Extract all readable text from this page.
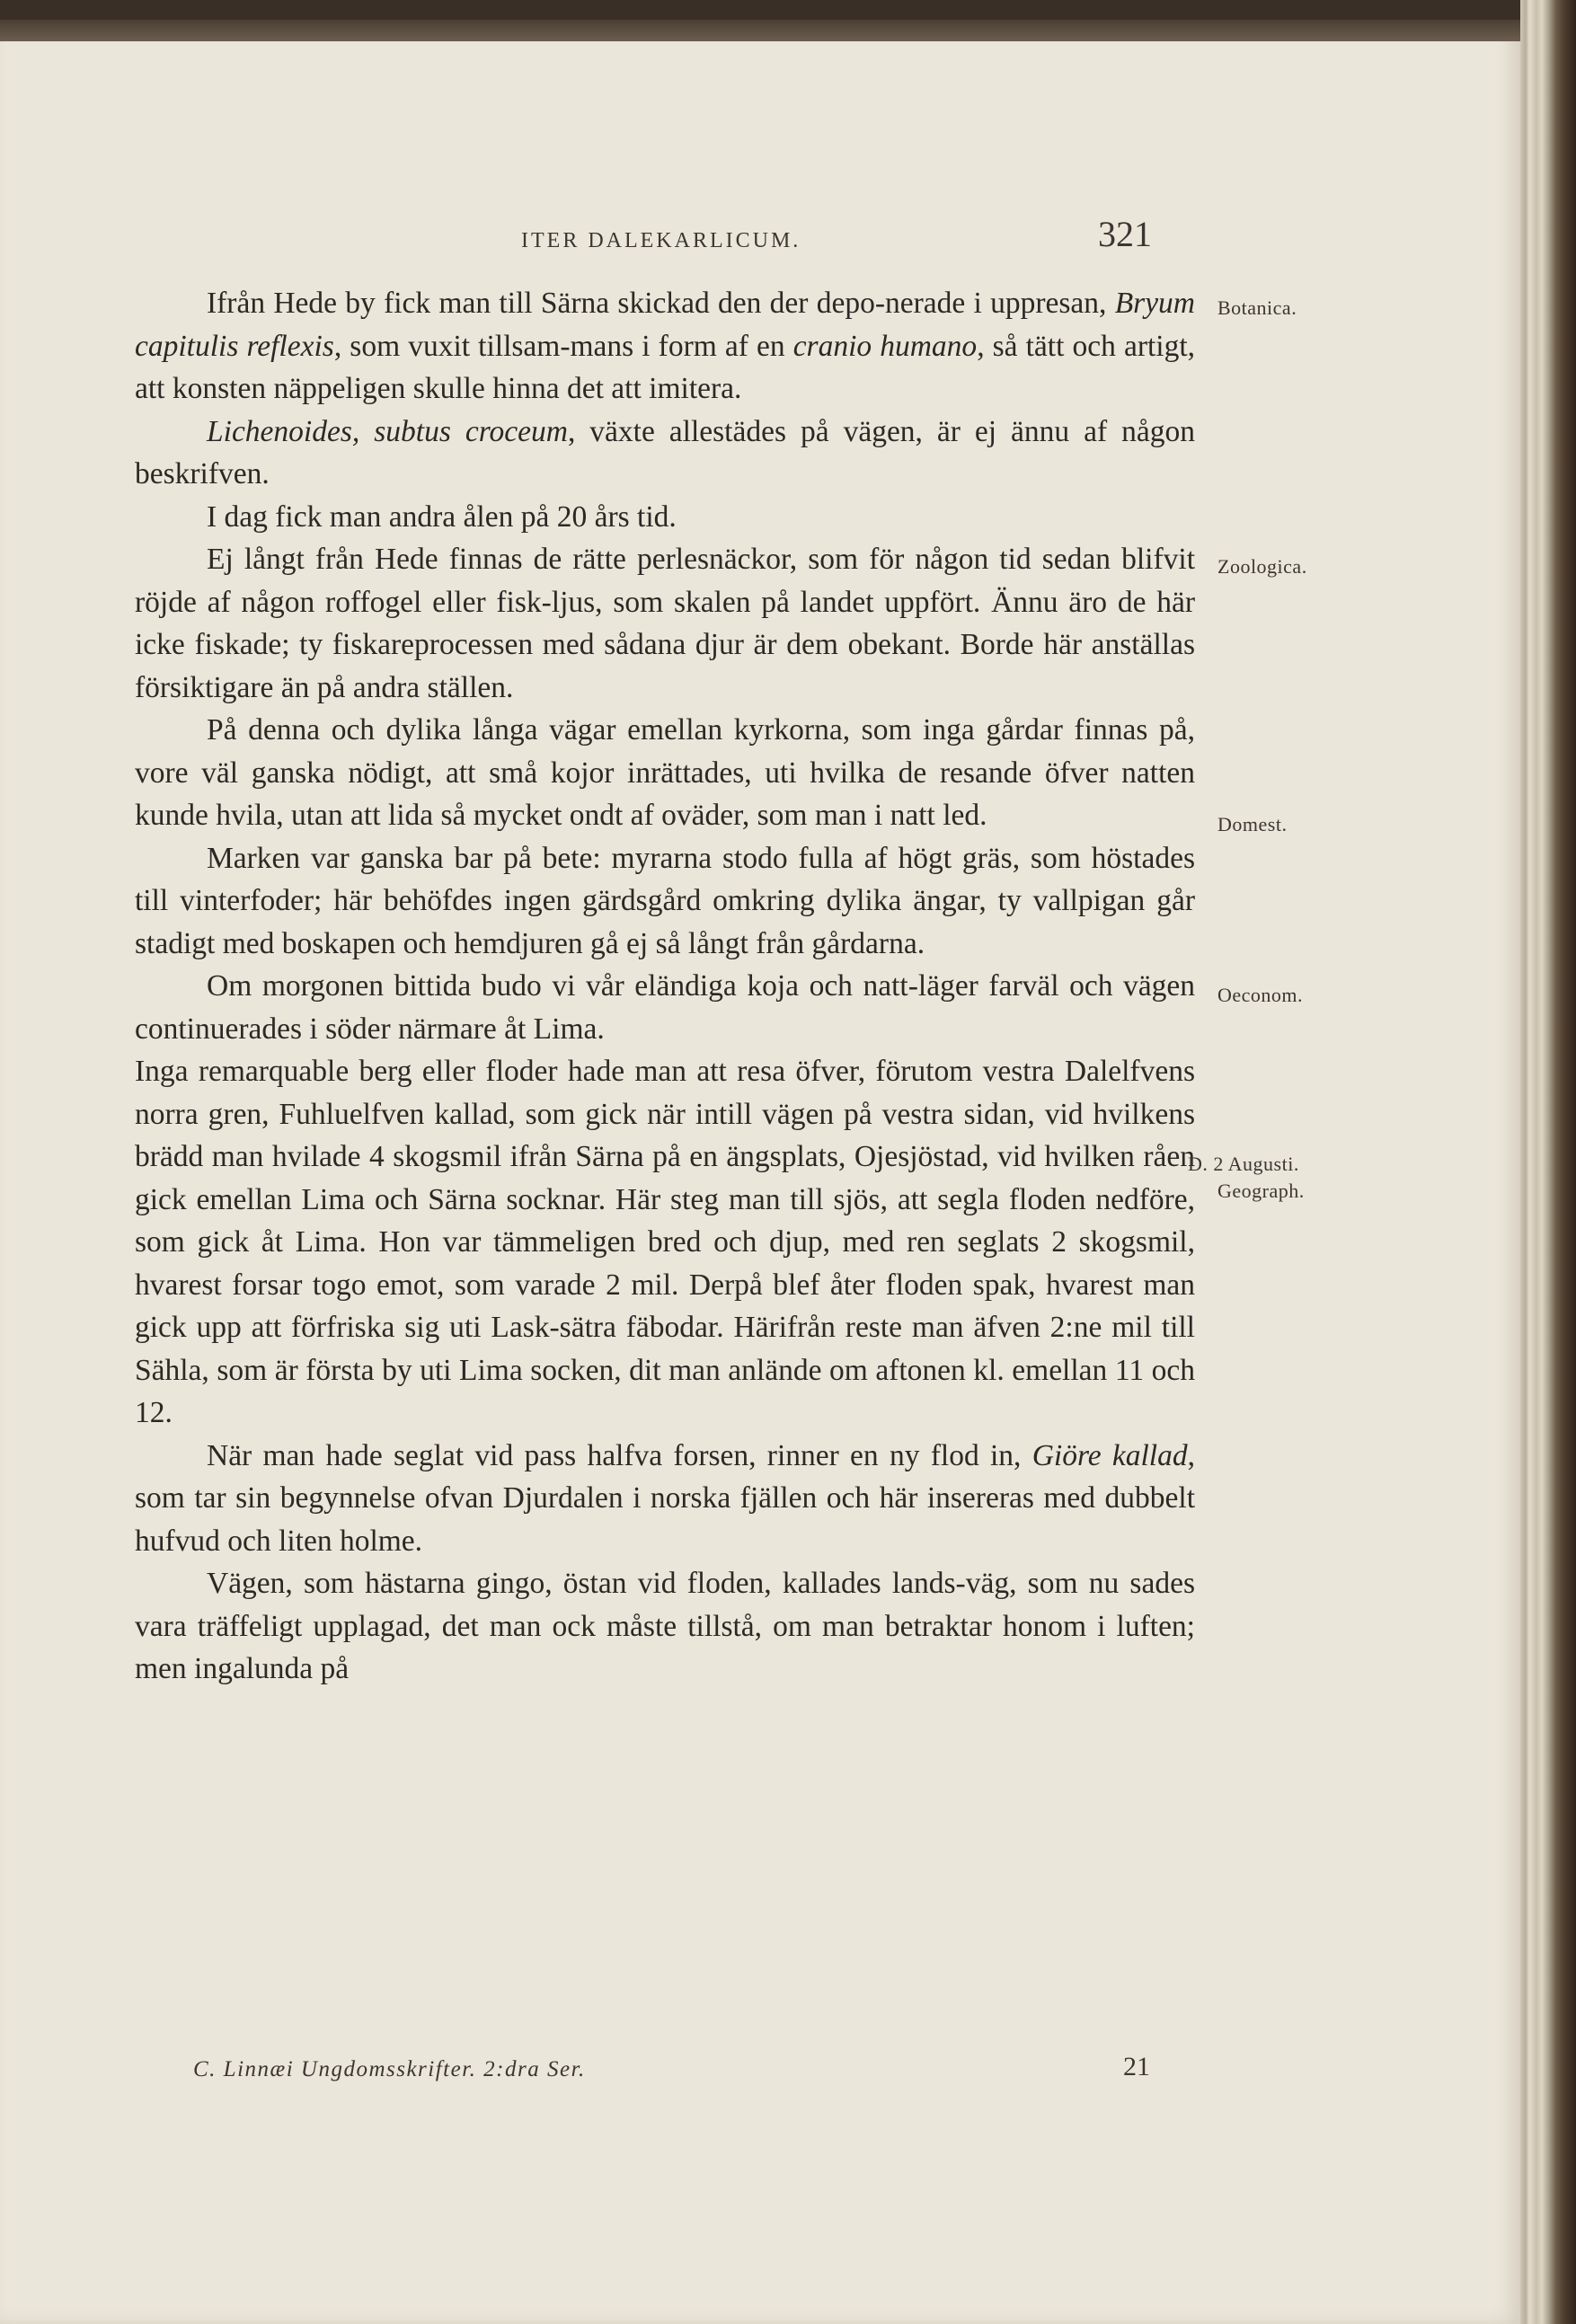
ITER DALEKARLICUM.	321

Ifrån Hede by fick man till Särna skickad den der depo-nerade i uppresan, Bryum capitulis reflexis, som vuxit tillsam-mans i form af en cranio humano, så tätt och artigt, att konsten näppeligen skulle hinna det att imitera.

Lichenoides, subtus croceum, växte allestädes på vägen, är ej ännu af någon beskrifven.

I dag fick man andra ålen på 20 års tid.

Ej långt från Hede finnas de rätte perlesnäckor, som för någon tid sedan blifvit röjde af någon roffogel eller fisk-ljus, som skalen på landet uppfört. Ännu äro de här icke fiskade; ty fiskareprocessen med sådana djur är dem obekant. Borde här anställas försiktigare än på andra ställen.

På denna och dylika långa vägar emellan kyrkorna, som inga gårdar finnas på, vore väl ganska nödigt, att små kojor inrättades, uti hvilka de resande öfver natten kunde hvila, utan att lida så mycket ondt af oväder, som man i natt led.

Marken var ganska bar på bete: myrarna stodo fulla af högt gräs, som höstades till vinterfoder; här behöfdes ingen gärdsgård omkring dylika ängar, ty vallpigan går stadigt med boskapen och hemdjuren gå ej så långt från gårdarna.

Om morgonen bittida budo vi vår eländiga koja och natt-läger farväl och vägen continuerades i söder närmare åt Lima.

Inga remarquable berg eller floder hade man att resa öfver, förutom vestra Dalelfvens norra gren, Fuhluelfven kallad, som gick när intill vägen på vestra sidan, vid hvilkens brädd man hvilade 4 skogsmil ifrån Särna på en ängsplats, Ojesjöstad, vid hvilken råen gick emellan Lima och Särna socknar. Här steg man till sjös, att segla floden nedföre, som gick åt Lima. Hon var tämmeligen bred och djup, med ren seglats 2 skogsmil, hvarest forsar togo emot, som varade 2 mil. Derpå blef åter floden spak, hvarest man gick upp att förfriska sig uti Lask-sätra fäbodar. Härifrån reste man äfven 2:ne mil till Sähla, som är första by uti Lima socken, dit man anlände om aftonen kl. emellan 11 och 12.

När man hade seglat vid pass halfva forsen, rinner en ny flod in, Giöre kallad, som tar sin begynnelse ofvan Djurdalen i norska fjällen och här insereras med dubbelt hufvud och liten holme.

Vägen, som hästarna gingo, östan vid floden, kallades lands-väg, som nu sades vara träffeligt upplagad, det man ock måste tillstå, om man betraktar honom i luften; men ingalunda på

Botanica.
Zoologica.
Domest.
Oeconom.
D. 2 Augusti.
Geograph.
C. Linnæi Ungdomsskrifter. 2:dra Ser.	21
